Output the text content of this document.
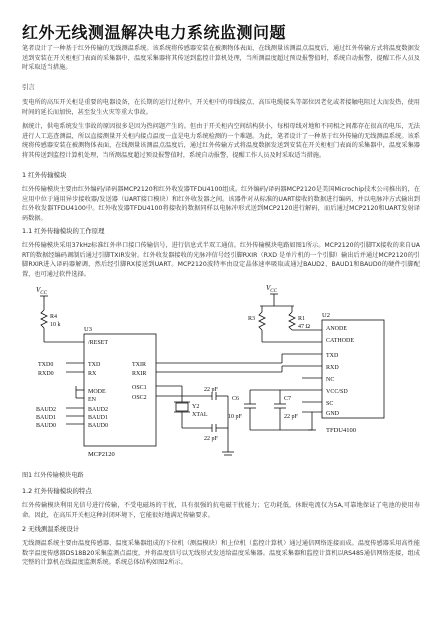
红外无线测温解决电力系统监测问题
笔者设计了一种基于红外传输的无线测温系统。该系统将传感器安装在被测物体表面，在线测量该测温点温度后，通过红外传输方式将温度数据发送到安装在开关柜柜门表面的采集器中，温度采集器将其传送到监控计算机处理，当所测温度超过预设报警值时，系统自动报警，提醒工作人员及时采取适当措施。
引言
变电所的高压开关柜是重要的电器设备，在长期的运行过程中，开关柜中的母线接点、高压电缆接头等部位因老化或者接触电阻过大而发热，使用时间的延长而加快，甚至发生火灾等重大事故。
据统计，供电系统发生事故的原因很多是因为热问题产生的。但由于开关柜内空间结构狭小，每相母线对地和不同相之间都存在很高的电压，无法进行人工巡查测温，所以直接测量开关柜内接点温度一直是电力系统检测的一个难题。为此，笔者设计了一种基于红外传输的无线测温系统。该系统将传感器安装在被测物体表面，在线测量该测温点温度后，通过红外传输方式将温度数据发送到安装在开关柜柜门表面的采集器中，温度采集器将其传送到监控计算机处理，当所测温度超过预设报警值时，系统自动报警，提醒工作人员及时采取适当措施。
1 红外传输模块
红外传输模块主要由红外编码/译码器MCP2120和红外收发器TFDU4100组成。红外编码/译码器MCP2120是美国Microchip技术公司推出的，在应用中位于通用异步接收器/发送器（UART接口模块）和红外收发器之间。该器件对从标准的UART接收的数据进行编码，并以电脉冲方式输出到红外收发器TFDU4100中。红外收发器TFDU4100将接收的数据同样以电脉冲形式送到MCP2120进行解码，而后通过MCP2120和UART发射译码数据。
1.1 红外传输模块的工作原理
红外传输模块采用37kHz标准红外串口接口传输信号，进行信息式半双工通信。红外传输模块电路如图1所示。MCP2120的引脚TX接收的来自UART的数据经编码调制后通过引脚TXIR发射。红外收发器接收的光脉冲信号经引脚RXIR（RXD 是单片机的一个引脚）输出后并通过MCP2120的引脚RXIR进入译码器解调，然后经引脚RX接送到UART。MCP2120波特率由设定晶体速率吸取或通过BAUD2、BAUD1和BAUD0的硬件引脚配置，也可通过软件选择。
$V_{CC}$
R4
10 k
U3
/RESET
TXD
RX
MODE
EN
BAUD2
BAUD1
BAUD0
TXIR
RXIR
OSC1
OSC2
MCP2120
TXD0
RXD0
BAUD2
BAUD1
BAUD0
Y2
XTAL
22 pF
22 pF
$V_{CC}$
R1
47 Ω
R3	U2
ANODE
CATHODE
TXD
RXD
NC
VCC/SD
SC
GND
TFDU4100
C6
10 pF
C7
22 pF
图1 红外传输模块电路
1.2 红外传输模块的特点
红外传输模块利用光信号进行传输，不受电磁场的干扰，具有很强的抗电磁干扰能力；它功耗低，休眠电流仅为5A,可靠地保证了电池的使用寿命。因此，在高压开关柜这种封闭环境下，它能很好地满足传输要求。
2 无线测温系统设计
无线测温系统主要由温度传感器、温度采集器组成的下位机（测温模块）和上位机（监控计算机）通过通信网络连接而成。温度传感器采用高性能数字温度传感器DS18B20采集监测点温度，并将温度信号以无线形式发送给温度采集器。温度采集器和监控计算机以RS485通信网络连接，组成完整的计算机在线温度监测系统。系统总体结构如图2所示。
